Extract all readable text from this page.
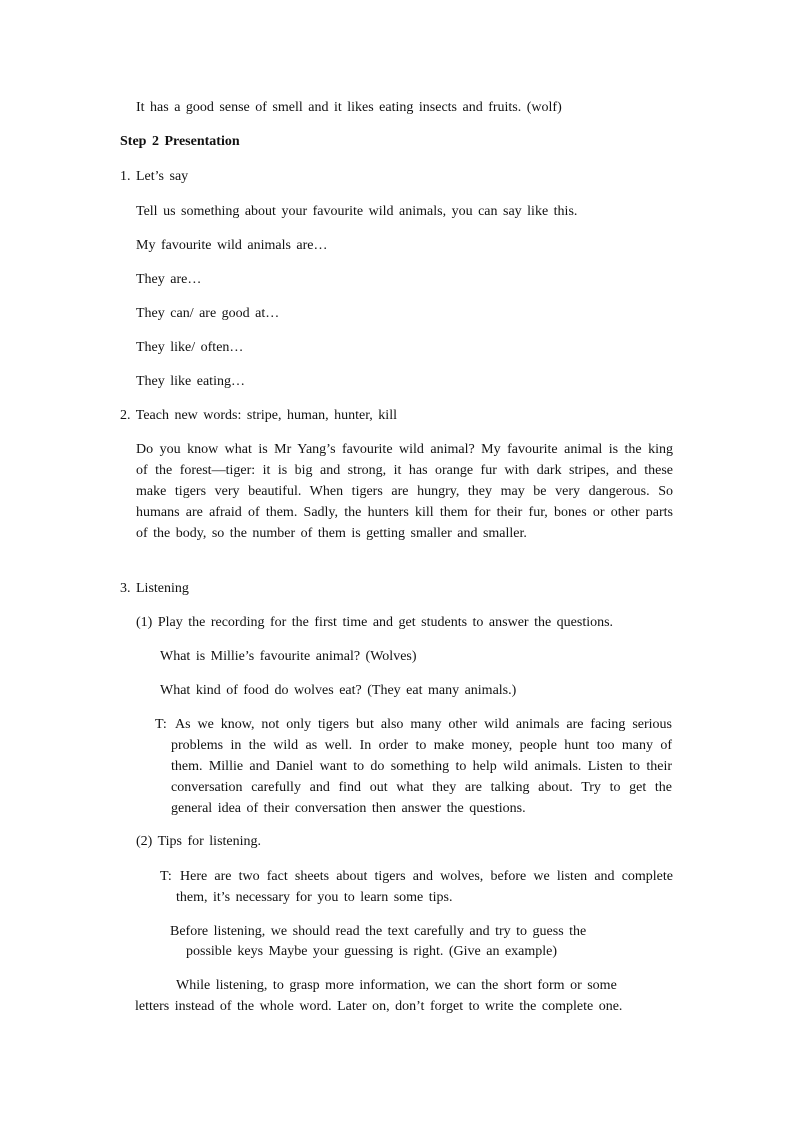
It has a good sense of smell and it likes eating insects and fruits. (wolf)
Step 2 Presentation
1. Let’s say
Tell us something about your favourite wild animals, you can say like this.
My favourite wild animals are…
They are…
They can/ are good at…
They like/ often…
They like eating…
2. Teach new words: stripe, human, hunter, kill
Do you know what is Mr Yang’s favourite wild animal? My favourite animal is the king of the forest—tiger: it is big and strong, it has orange fur with dark stripes, and these make tigers very beautiful. When tigers are hungry, they may be very dangerous. So humans are afraid of them. Sadly, the hunters kill them for their fur, bones or other parts of the body, so the number of them is getting smaller and smaller.
3. Listening
(1) Play the recording for the first time and get students to answer the questions.
What is Millie’s favourite animal? (Wolves)
What kind of food do wolves eat? (They eat many animals.)
T: As we know, not only tigers but also many other wild animals are facing serious problems in the wild as well. In order to make money, people hunt too many of them. Millie and Daniel want to do something to help wild animals. Listen to their conversation carefully and find out what they are talking about. Try to get the general idea of their conversation then answer the questions.
(2) Tips for listening.
T: Here are two fact sheets about tigers and wolves, before we listen and complete them, it’s necessary for you to learn some tips.
Before listening, we should read the text carefully and try to guess the
possible keys Maybe your guessing is right. (Give an example)
While listening, to grasp more information, we can the short form or some
letters instead of the whole word. Later on, don’t forget to write the complete one.
